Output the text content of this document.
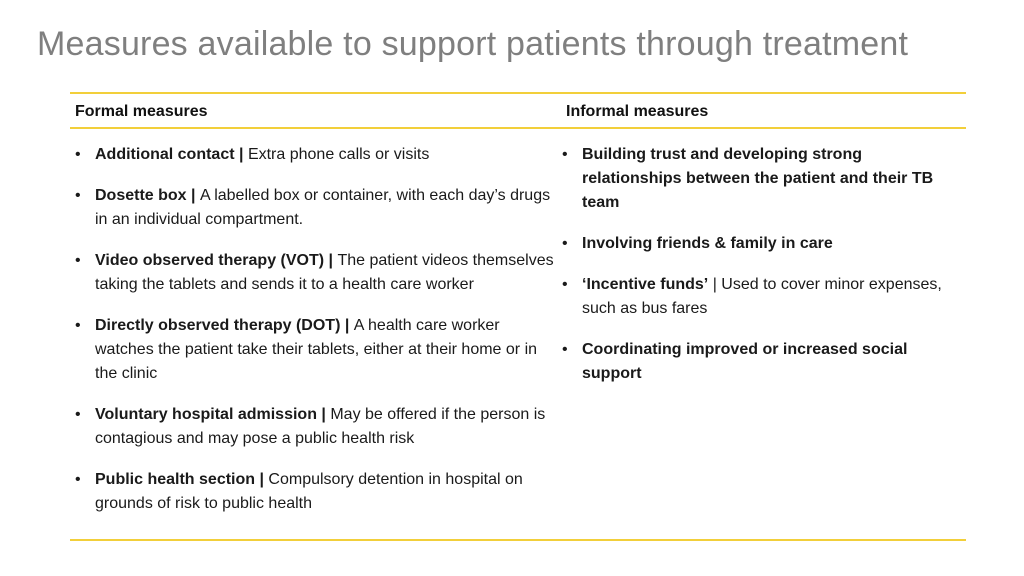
Measures available to support patients through treatment
Formal measures	Informal measures
• Additional contact | Extra phone calls or visits
• Dosette box | A labelled box or container, with each day’s drugs in an individual compartment.
• Video observed therapy (VOT) | The patient videos themselves taking the tablets and sends it to a health care worker
• Directly observed therapy (DOT) | A health care worker watches the patient take their tablets, either at their home or in the clinic
• Voluntary hospital admission | May be offered if the person is contagious and may pose a public health risk
• Public health section | Compulsory detention in hospital on grounds of risk to public health
• Building trust and developing strong relationships between the patient and their TB team
• Involving friends & family in care
• ‘Incentive funds’ | Used to cover minor expenses, such as bus fares
• Coordinating improved or increased social support
